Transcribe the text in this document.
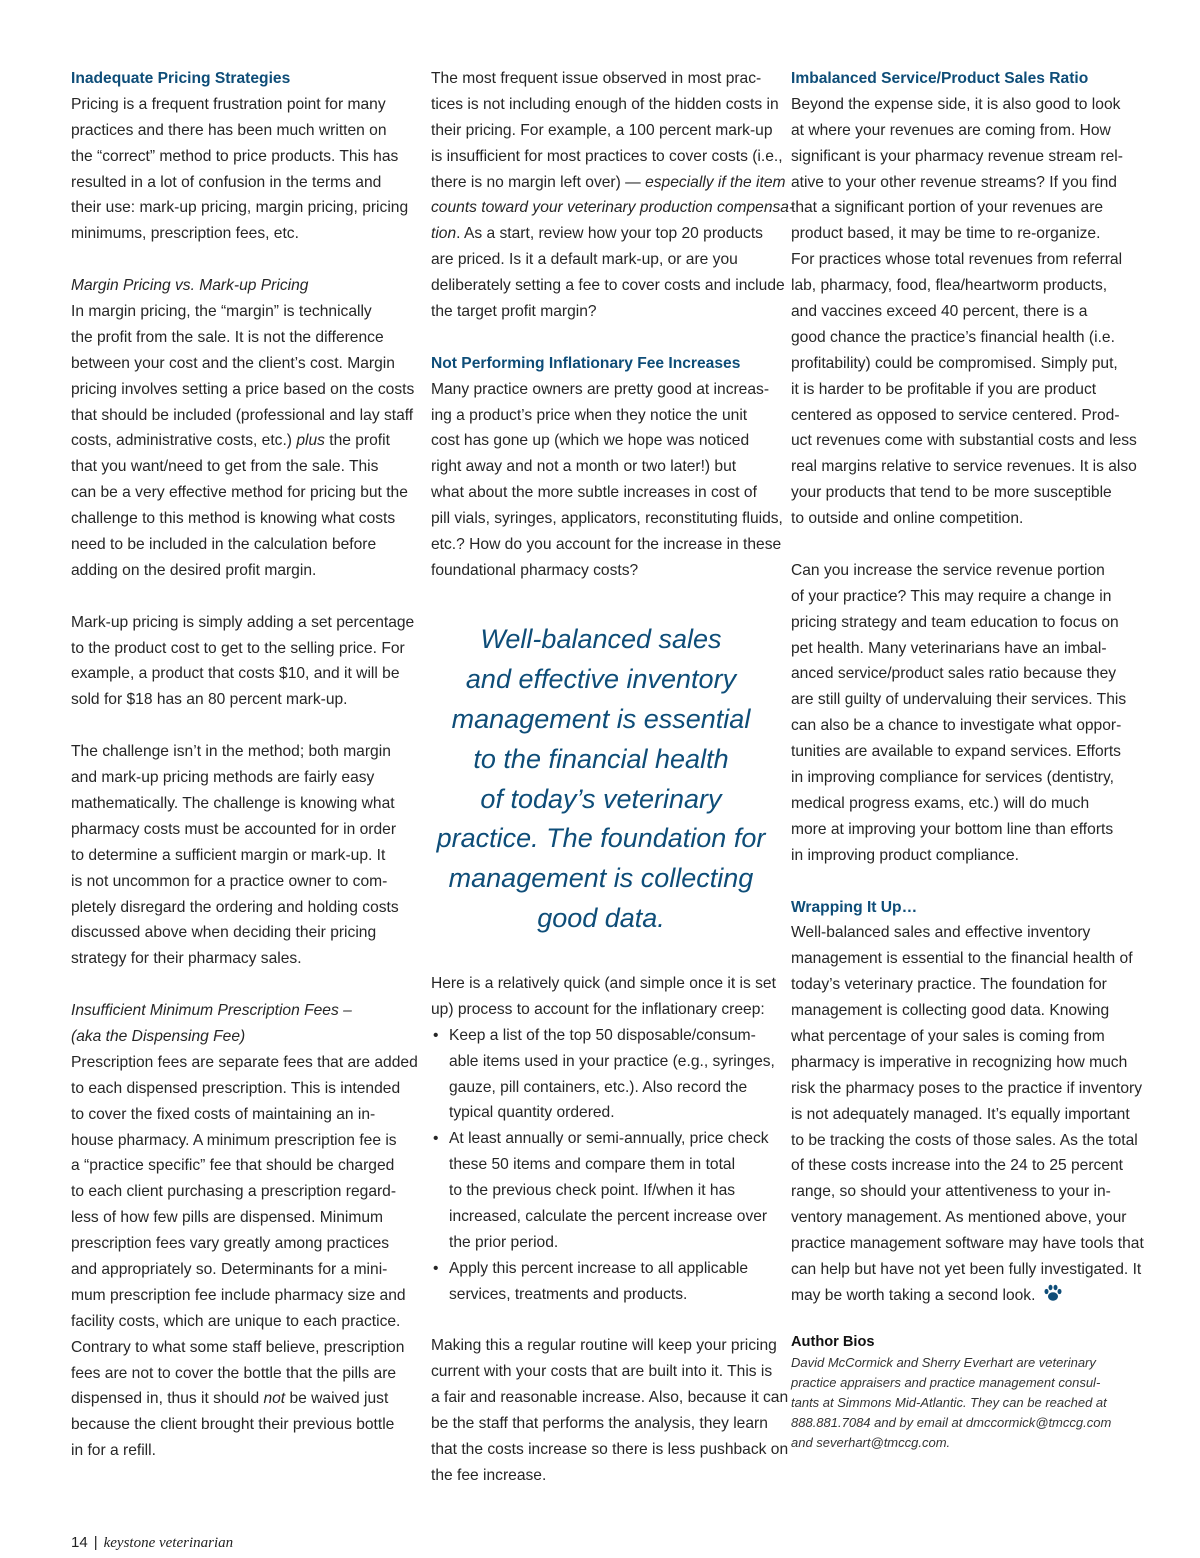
Inadequate Pricing Strategies
Pricing is a frequent frustration point for many
practices and there has been much written on
the “correct” method to price products. This has
resulted in a lot of confusion in the terms and
their use: mark-up pricing, margin pricing, pricing
minimums, prescription fees, etc.
Margin Pricing vs. Mark-up Pricing
In margin pricing, the “margin” is technically
the profit from the sale. It is not the difference
between your cost and the client’s cost. Margin
pricing involves setting a price based on the costs
that should be included (professional and lay staff
costs, administrative costs, etc.) plus the profit
that you want/need to get from the sale. This
can be a very effective method for pricing but the
challenge to this method is knowing what costs
need to be included in the calculation before
adding on the desired profit margin.
Mark-up pricing is simply adding a set percentage
to the product cost to get to the selling price. For
example, a product that costs $10, and it will be
sold for $18 has an 80 percent mark-up.
The challenge isn’t in the method; both margin
and mark-up pricing methods are fairly easy
mathematically. The challenge is knowing what
pharmacy costs must be accounted for in order
to determine a sufficient margin or mark-up. It
is not uncommon for a practice owner to com-
pletely disregard the ordering and holding costs
discussed above when deciding their pricing
strategy for their pharmacy sales.
Insufficient Minimum Prescription Fees –
(aka the Dispensing Fee)
Prescription fees are separate fees that are added
to each dispensed prescription. This is intended
to cover the fixed costs of maintaining an in-
house pharmacy. A minimum prescription fee is
a “practice specific” fee that should be charged
to each client purchasing a prescription regard-
less of how few pills are dispensed. Minimum
prescription fees vary greatly among practices
and appropriately so. Determinants for a mini-
mum prescription fee include pharmacy size and
facility costs, which are unique to each practice.
Contrary to what some staff believe, prescription
fees are not to cover the bottle that the pills are
dispensed in, thus it should not be waived just
because the client brought their previous bottle
in for a refill.
The most frequent issue observed in most prac-
tices is not including enough of the hidden costs in
their pricing. For example, a 100 percent mark-up
is insufficient for most practices to cover costs (i.e.,
there is no margin left over) — especially if the item
counts toward your veterinary production compensa-
tion. As a start, review how your top 20 products
are priced. Is it a default mark-up, or are you
deliberately setting a fee to cover costs and include
the target profit margin?
Not Performing Inflationary Fee Increases
Many practice owners are pretty good at increas-
ing a product’s price when they notice the unit
cost has gone up (which we hope was noticed
right away and not a month or two later!) but
what about the more subtle increases in cost of
pill vials, syringes, applicators, reconstituting fluids,
etc.? How do you account for the increase in these
foundational pharmacy costs?
Well-balanced sales
and effective inventory
management is essential
to the financial health
of today’s veterinary
practice. The foundation for
management is collecting
good data.
Here is a relatively quick (and simple once it is set
up) process to account for the inflationary creep:
• Keep a list of the top 50 disposable/consum-
able items used in your practice (e.g., syringes,
gauze, pill containers, etc.). Also record the
typical quantity ordered.
• At least annually or semi-annually, price check
these 50 items and compare them in total
to the previous check point. If/when it has
increased, calculate the percent increase over
the prior period.
• Apply this percent increase to all applicable
services, treatments and products.
Making this a regular routine will keep your pricing
current with your costs that are built into it. This is
a fair and reasonable increase. Also, because it can
be the staff that performs the analysis, they learn
that the costs increase so there is less pushback on
the fee increase.
Imbalanced Service/Product Sales Ratio
Beyond the expense side, it is also good to look
at where your revenues are coming from. How
significant is your pharmacy revenue stream rel-
ative to your other revenue streams? If you find
that a significant portion of your revenues are
product based, it may be time to re-organize.
For practices whose total revenues from referral
lab, pharmacy, food, flea/heartworm products,
and vaccines exceed 40 percent, there is a
good chance the practice’s financial health (i.e.
profitability) could be compromised. Simply put,
it is harder to be profitable if you are product
centered as opposed to service centered. Prod-
uct revenues come with substantial costs and less
real margins relative to service revenues. It is also
your products that tend to be more susceptible
to outside and online competition.
Can you increase the service revenue portion
of your practice? This may require a change in
pricing strategy and team education to focus on
pet health. Many veterinarians have an imbal-
anced service/product sales ratio because they
are still guilty of undervaluing their services. This
can also be a chance to investigate what oppor-
tunities are available to expand services. Efforts
in improving compliance for services (dentistry,
medical progress exams, etc.) will do much
more at improving your bottom line than efforts
in improving product compliance.
Wrapping It Up…
Well-balanced sales and effective inventory
management is essential to the financial health of
today’s veterinary practice. The foundation for
management is collecting good data. Knowing
what percentage of your sales is coming from
pharmacy is imperative in recognizing how much
risk the pharmacy poses to the practice if inventory
is not adequately managed. It’s equally important
to be tracking the costs of those sales. As the total
of these costs increase into the 24 to 25 percent
range, so should your attentiveness to your in-
ventory management. As mentioned above, your
practice management software may have tools that
can help but have not yet been fully investigated. It
may be worth taking a second look.
Author Bios
David McCormick and Sherry Everhart are veterinary
practice appraisers and practice management consul-
tants at Simmons Mid-Atlantic. They can be reached at
888.881.7084 and by email at dmccormick@tmccg.com
and severhart@tmccg.com.
14 | keystone veterinarian
